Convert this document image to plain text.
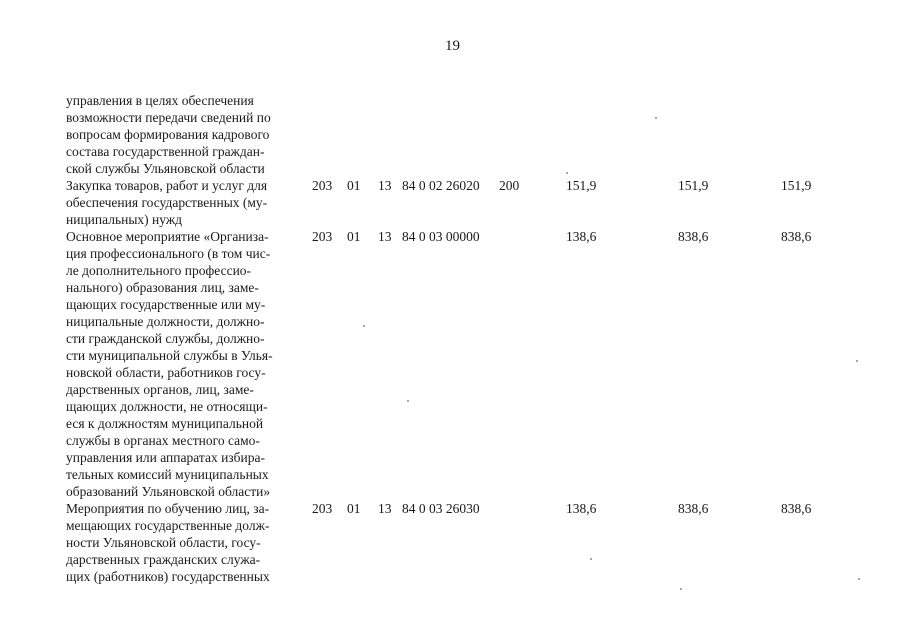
19
управления в целях обеспечения
возможности передачи сведений по
вопросам формирования кадрового
состава государственной граждан-
ской службы Ульяновской области
Закупка товаров, работ и услуг для
обеспечения государственных (му-
ниципальных) нужд
203 01 13 84 0 02 26020 200	151,9	151,9	151,9
Основное мероприятие «Организа-
ция профессионального (в том чис-
ле дополнительного профессио-
нального) образования лиц, заме-
щающих государственные или му-
ниципальные должности, должно-
сти гражданской службы, должно-
сти муниципальной службы в Улья-
новской области, работников госу-
дарственных органов, лиц, заме-
щающих должности, не относящи-
еся к должностям муниципальной
службы в органах местного само-
управления или аппаратах избира-
тельных комиссий муниципальных
образований Ульяновской области»
203 01 13 84 0 03 00000	138,6	838,6	838,6
Мероприятия по обучению лиц, за-
мещающих государственные долж-
ности Ульяновской области, госу-
дарственных гражданских служа-
щих (работников) государственных
203 01 13 84 0 03 26030	138,6	838,6	838,6
